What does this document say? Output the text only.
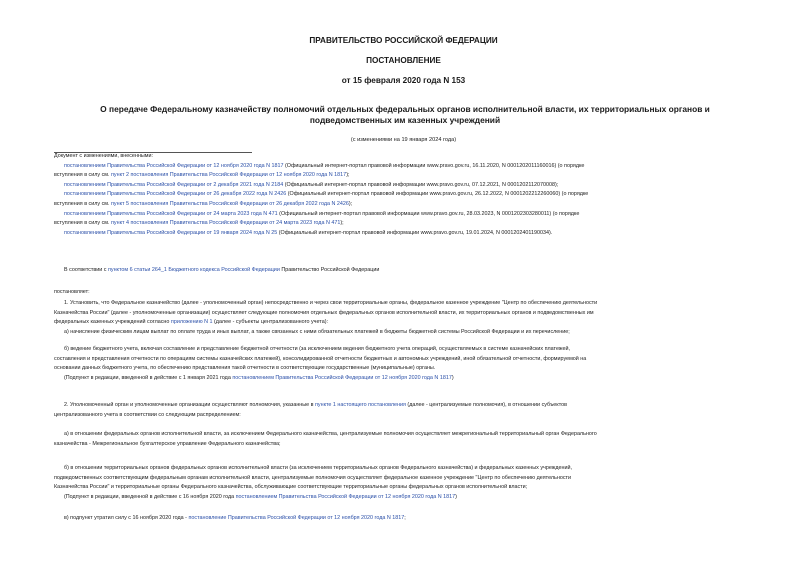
ПРАВИТЕЛЬСТВО РОССИЙСКОЙ ФЕДЕРАЦИИ
ПОСТАНОВЛЕНИЕ
от 15 февраля 2020 года N 153
О передаче Федеральному казначейству полномочий отдельных федеральных органов исполнительной власти, их территориальных органов и
подведомственных им казенных учреждений
(с изменениями на 19 января 2024 года)
Документ с изменениями, внесенными:
постановлением Правительства Российской Федерации от 12 ноября 2020 года N 1817 (Официальный интернет-портал правовой информации www.pravo.gov.ru, 16.11.2020, N 0001202011160016) (о порядке
вступления в силу см. пункт 2 постановления Правительства Российской Федерации от 12 ноября 2020 года N 1817);
постановлением Правительства Российской Федерации от 2 декабря 2021 года N 2184 (Официальный интернет-портал правовой информации www.pravo.gov.ru, 07.12.2021, N 0001202112070008);
постановлением Правительства Российской Федерации от 26 декабря 2022 года N 2426 (Официальный интернет-портал правовой информации www.pravo.gov.ru, 26.12.2022, N 0001202212260060) (о порядке
вступления в силу см. пункт 5 постановления Правительства Российской Федерации от 26 декабря 2022 года N 2426);
постановлением Правительства Российской Федерации от 24 марта 2023 года N 471 (Официальный интернет-портал правовой информации www.pravo.gov.ru, 28.03.2023, N 0001202303280011) (о порядке
вступления в силу см. пункт 4 постановления Правительства Российской Федерации от 24 марта 2023 года N 471);
постановлением Правительства Российской Федерации от 19 января 2024 года N 25 (Официальный интернет-портал правовой информации www.pravo.gov.ru, 19.01.2024, N 0001202401190034).
В соответствии с пунктом 6 статьи 264_1 Бюджетного кодекса Российской Федерации Правительство Российской Федерации
постановляет:
1. Установить, что Федеральное казначейство (далее - уполномоченный орган) непосредственно и через свои территориальные органы, федеральное казенное учреждение "Центр по обеспечению деятельности
Казначейства России" (далее - уполномоченные организации) осуществляет следующие полномочия отдельных федеральных органов исполнительной власти, их территориальных органов и подведомственных им
федеральных казенных учреждений согласно приложению N 1 (далее - субъекты централизованного учета):
а) начисление физическим лицам выплат по оплате труда и иных выплат, а также связанных с ними обязательных платежей в бюджеты бюджетной системы Российской Федерации и их перечисление;
б) ведение бюджетного учета, включая составление и представление бюджетной отчетности (за исключением ведения бюджетного учета операций, осуществляемых в системе казначейских платежей,
составления и представления отчетности по операциям системы казначейских платежей), консолидированной отчетности бюджетных и автономных учреждений, иной обязательной отчетности, формируемой на
основании данных бюджетного учета, по обеспечению представления такой отчетности в соответствующие государственные (муниципальные) органы.
(Подпункт в редакции, введенной в действие с 1 января 2021 года постановлением Правительства Российской Федерации от 12 ноября 2020 года N 1817)
2. Уполномоченный орган и уполномоченные организации осуществляют полномочия, указанные в пункте 1 настоящего постановления (далее - централизуемые полномочия), в отношении субъектов
централизованного учета в соответствии со следующим распределением:
а) в отношении федеральных органов исполнительной власти, за исключением Федерального казначейства, централизуемые полномочия осуществляет межрегиональный территориальный орган Федерального
казначейства - Межрегиональное бухгалтерское управление Федерального казначейства;
б) в отношении территориальных органов федеральных органов исполнительной власти (за исключением территориальных органов Федерального казначейства) и федеральных казенных учреждений,
подведомственных соответствующим федеральным органам исполнительной власти, централизуемые полномочия осуществляет федеральное казенное учреждение "Центр по обеспечению деятельности
Казначейства России" и территориальные органы Федерального казначейства, обслуживающие соответствующие территориальные органы федеральных органов исполнительной власти;
(Подпункт в редакции, введенной в действие с 16 ноября 2020 года постановлением Правительства Российской Федерации от 12 ноября 2020 года N 1817)
в) подпункт утратил силу с 16 ноября 2020 года - постановление Правительства Российской Федерации от 12 ноября 2020 года N 1817;
